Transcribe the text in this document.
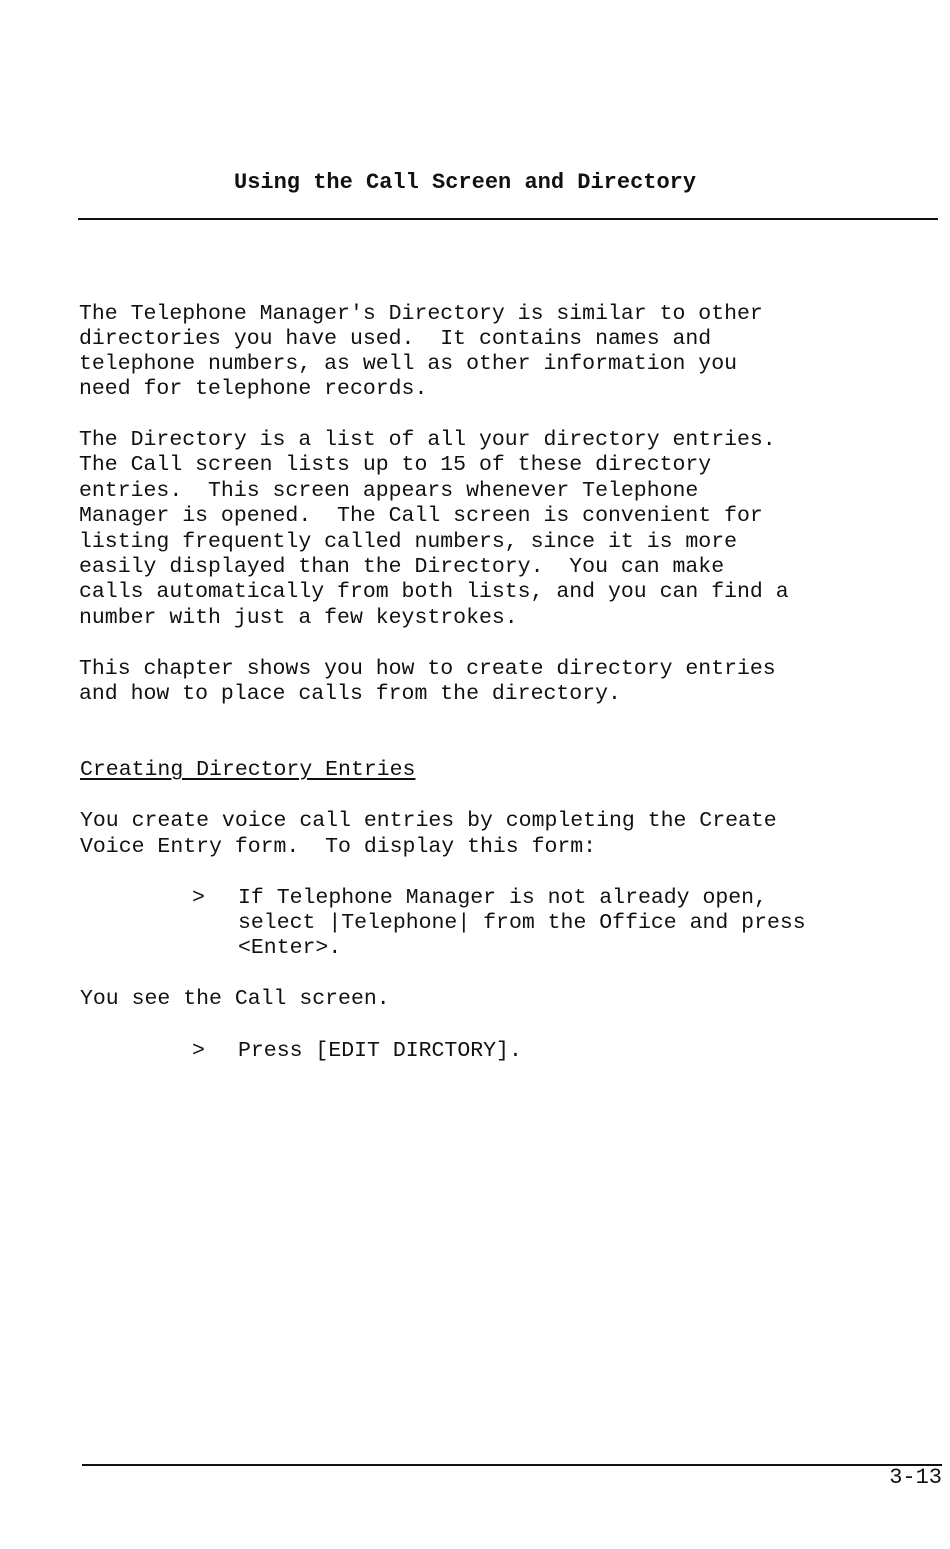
Using the Call Screen and Directory
The Telephone Manager's Directory is similar to other
directories you have used.  It contains names and
telephone numbers, as well as other information you
need for telephone records.
The Directory is a list of all your directory entries.
The Call screen lists up to 15 of these directory
entries.  This screen appears whenever Telephone
Manager is opened.  The Call screen is convenient for
listing frequently called numbers, since it is more
easily displayed than the Directory.  You can make
calls automatically from both lists, and you can find a
number with just a few keystrokes.
This chapter shows you how to create directory entries
and how to place calls from the directory.
Creating Directory Entries
You create voice call entries by completing the Create
Voice Entry form.  To display this form:
> If Telephone Manager is not already open,
select |Telephone| from the Office and press
<Enter>.
You see the Call screen.
> Press [EDIT DIRCTORY].
3-13
